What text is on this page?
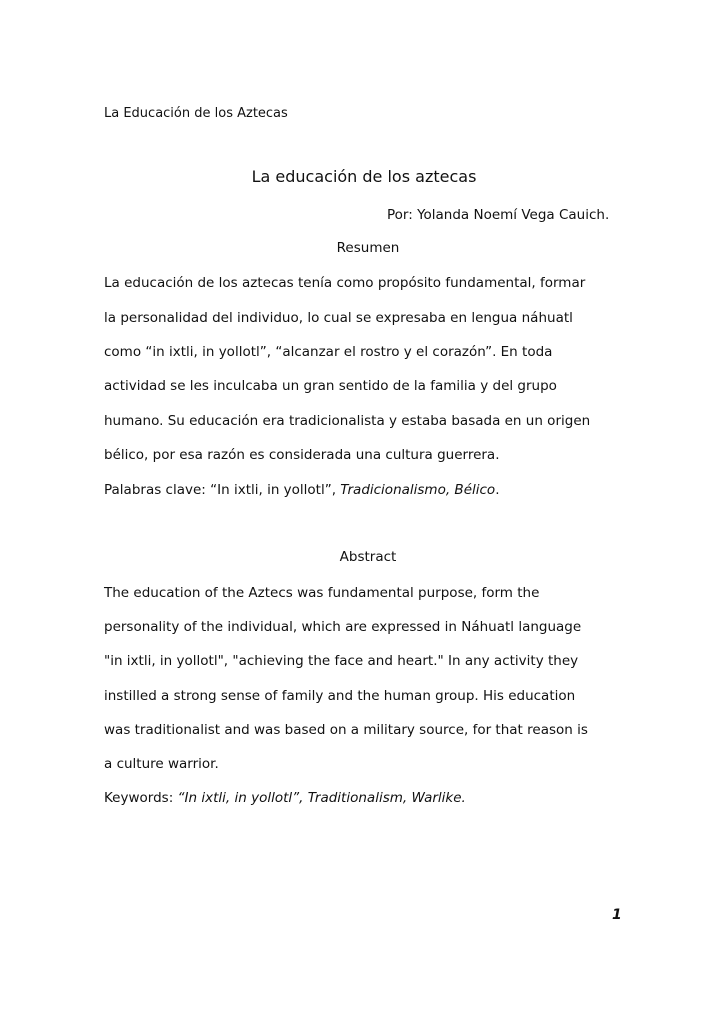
La Educación de los Aztecas
La educación de los aztecas
Por: Yolanda Noemí Vega Cauich.
Resumen
La educación de los aztecas tenía como propósito fundamental, formar
la personalidad del individuo, lo cual se expresaba en lengua náhuatl
como “in ixtli, in yollotl”, “alcanzar el rostro y el corazón”. En toda
actividad se les inculcaba un gran sentido de la familia y del grupo
humano. Su educación era tradicionalista y estaba basada en un origen
bélico, por esa razón es considerada una cultura guerrera.
Palabras clave: “In ixtli, in yollotl”, Tradicionalismo, Bélico.
Abstract
The education of the Aztecs was fundamental purpose, form the
personality of the individual, which are expressed in Náhuatl language
"in ixtli, in yollotl", "achieving the face and heart." In any activity they
instilled a strong sense of family and the human group. His education
was traditionalist and was based on a military source, for that reason is
a culture warrior.
Keywords: “In ixtli, in yollotl”, Traditionalism, Warlike.
1
